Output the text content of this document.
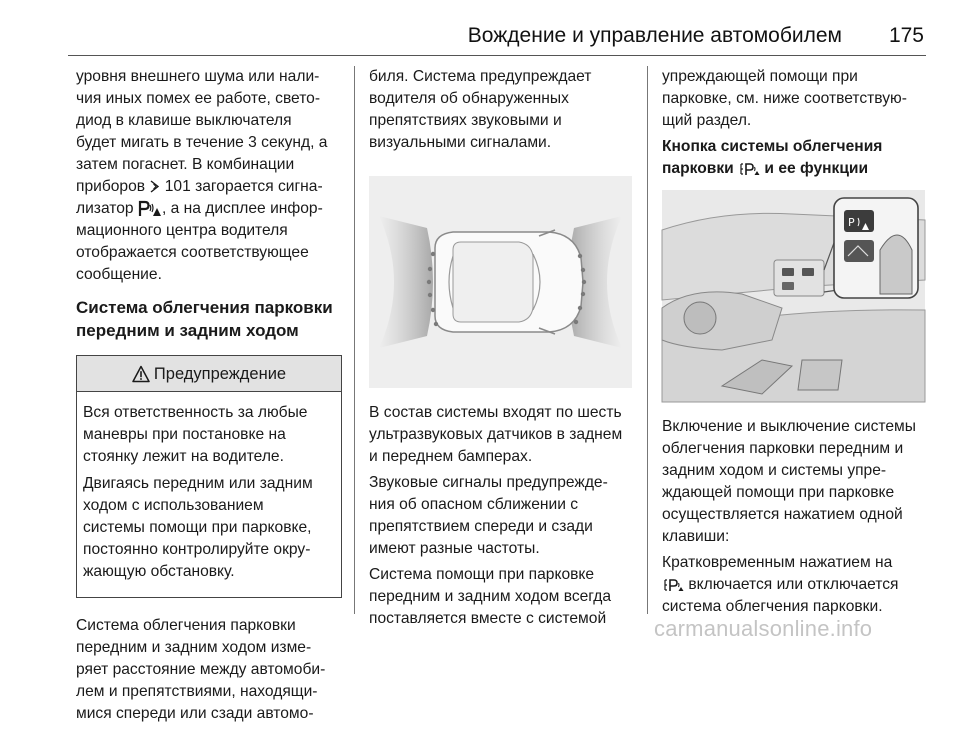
Вождение и управление автомобилем 175

уровня внешнего шума или нали-
чия иных помех ее работе, свето-
диод в клавише выключателя
будет мигать в течение 3 секунд, а
затем погаснет. В комбинации
приборов 101 загорается сигна-
лизатор , а на дисплее инфор-
мационного центра водителя
отображается соответствующее
сообщение.

Система облегчения парковки
передним и задним ходом
Предупреждение

Вся ответственность за любые
маневры при постановке на
стоянку лежит на водителе.

Двигаясь передним или задним
ходом с использованием
системы помощи при парковке,
постоянно контролируйте окру-
жающую обстановку.

Система облегчения парковки
передним и задним ходом изме-
ряет расстояние между автомоби-
лем и препятствиями, находящи-
мися спереди или сзади автомо-

биля. Система предупреждает
водителя об обнаруженных
препятствиях звуковыми и
визуальными сигналами.

В состав системы входят по шесть
ультразвуковых датчиков в заднем
и переднем бамперах.

Звуковые сигналы предупрежде-
ния об опасном сближении с
препятствием спереди и сзади
имеют разные частоты.

Система помощи при парковке
передним и задним ходом всегда
поставляется вместе с системой

упреждающей помощи при
парковке, см. ниже соответствую-
щий раздел.

Кнопка системы облегчения
парковки и ее функции
P

Включение и выключение системы
облегчения парковки передним и
задним ходом и системы упре-
ждающей помощи при парковке
осуществляется нажатием одной
клавиши:

Кратковременным нажатием на
включается или отключается
система облегчения парковки.

carmanualsonline.info
